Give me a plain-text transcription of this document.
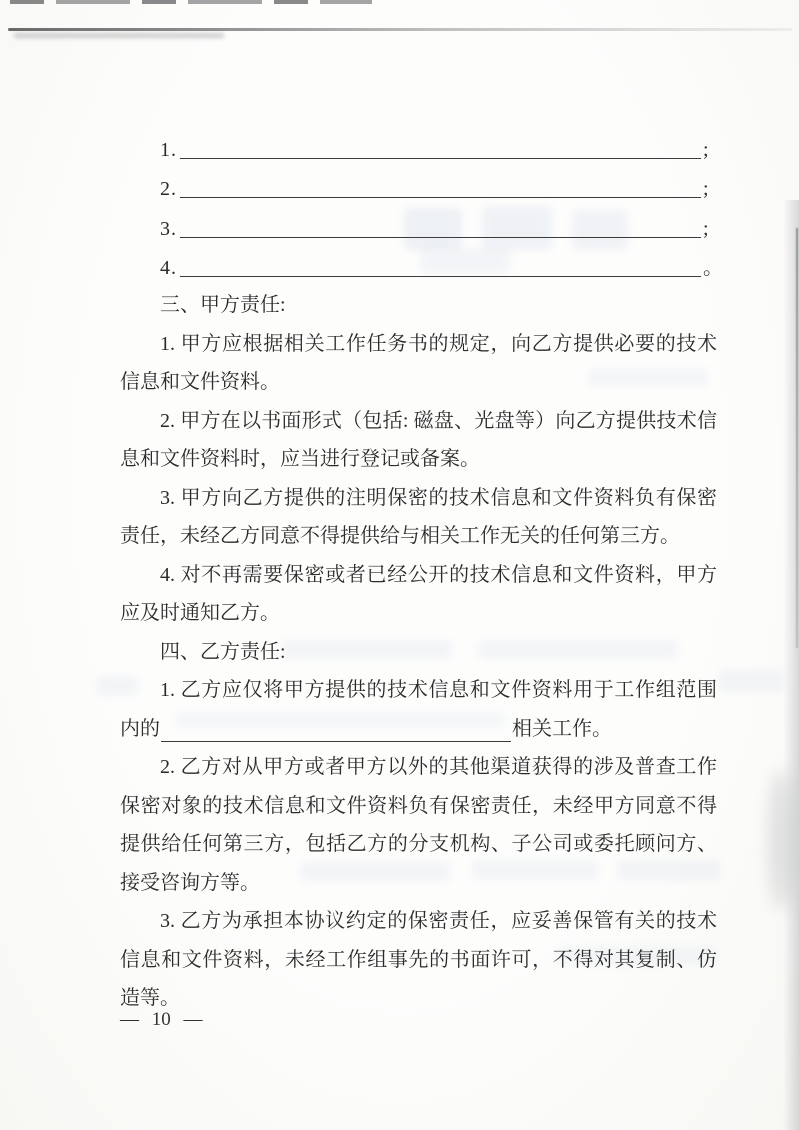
1.	;
2.	;
3.	;
4.	。

三、甲方责任:

1. 甲方应根据相关工作任务书的规定，向乙方提供必要的技术信息和文件资料。

2. 甲方在以书面形式（包括: 磁盘、光盘等）向乙方提供技术信息和文件资料时，应当进行登记或备案。

3. 甲方向乙方提供的注明保密的技术信息和文件资料负有保密责任，未经乙方同意不得提供给与相关工作无关的任何第三方。

4. 对不再需要保密或者已经公开的技术信息和文件资料，甲方应及时通知乙方。

四、乙方责任:

1. 乙方应仅将甲方提供的技术信息和文件资料用于工作组范围

内的	相关工作。

2. 乙方对从甲方或者甲方以外的其他渠道获得的涉及普查工作保密对象的技术信息和文件资料负有保密责任，未经甲方同意不得提供给任何第三方，包括乙方的分支机构、子公司或委托顾问方、接受咨询方等。

3. 乙方为承担本协议约定的保密责任，应妥善保管有关的技术信息和文件资料，未经工作组事先的书面许可，不得对其复制、仿造等。

— 10 —
